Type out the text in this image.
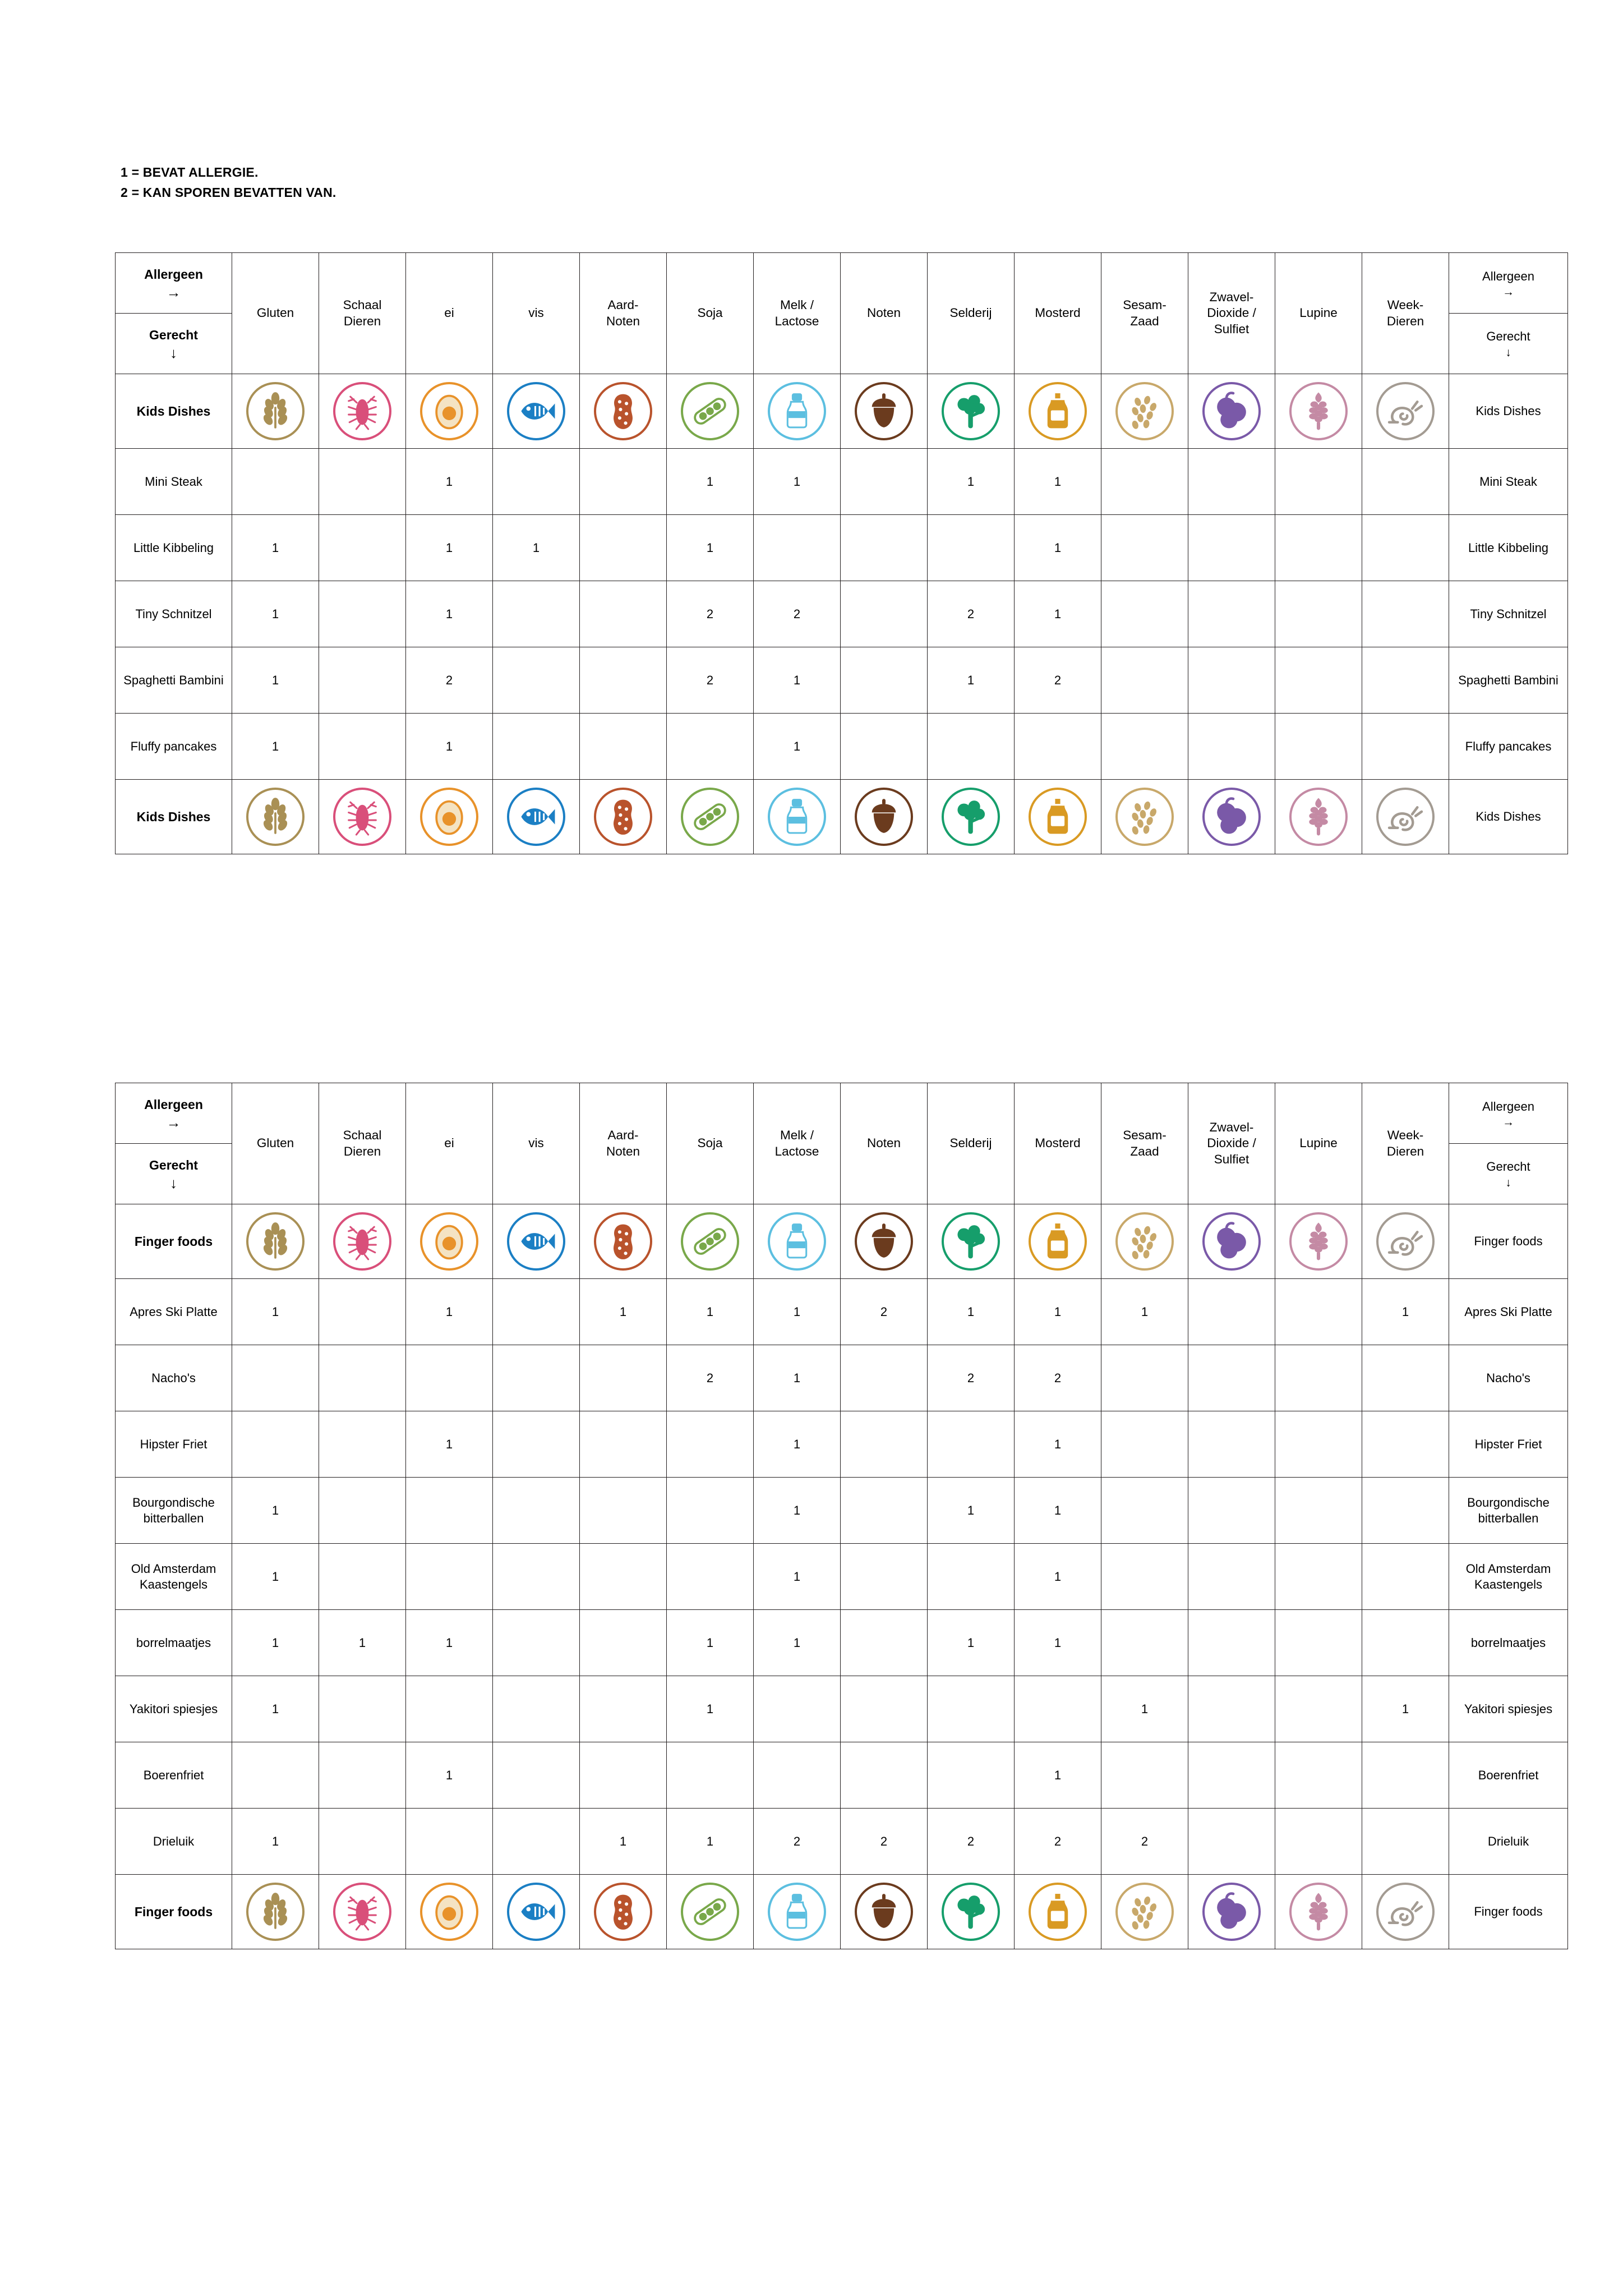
1 = BEVAT ALLERGIE.
2 = KAN SPOREN BEVATTEN VAN.
Allergeen
→
Gerecht
↓
	Gluten	Schaal
Dieren	ei	vis	Aard-
Noten	Soja	Melk /
Lactose	Noten	Selderij	Mosterd	Sesam-
Zaad	Zwavel-
Dioxide /
Sulfiet	Lupine	Week-
Dieren	
Allergeen
→
Gerecht
↓

Kids Dishes															Kids Dishes
Mini Steak			1			1	1		1	1					Mini Steak
Little Kibbeling	1		1	1		1				1					Little Kibbeling
Tiny Schnitzel	1		1			2	2		2	1					Tiny Schnitzel
Spaghetti Bambini	1		2			2	1		1	2					Spaghetti Bambini
Fluffy pancakes	1		1				1								Fluffy pancakes
Kids Dishes															Kids Dishes
Allergeen
→
Gerecht
↓
	Gluten	Schaal
Dieren	ei	vis	Aard-
Noten	Soja	Melk /
Lactose	Noten	Selderij	Mosterd	Sesam-
Zaad	Zwavel-
Dioxide /
Sulfiet	Lupine	Week-
Dieren	
Allergeen
→
Gerecht
↓

Finger foods															Finger foods
Apres Ski Platte	1		1		1	1	1	2	1	1	1			1	Apres Ski Platte
Nacho's						2	1		2	2					Nacho's
Hipster Friet			1				1			1					Hipster Friet
Bourgondische bitterballen	1						1		1	1					Bourgondische bitterballen
Old Amsterdam Kaastengels	1						1			1					Old Amsterdam Kaastengels
borrelmaatjes	1	1	1			1	1		1	1					borrelmaatjes
Yakitori spiesjes	1					1					1			1	Yakitori spiesjes
Boerenfriet			1							1					Boerenfriet
Drieluik	1				1	1	2	2	2	2	2				Drieluik
Finger foods															Finger foods
